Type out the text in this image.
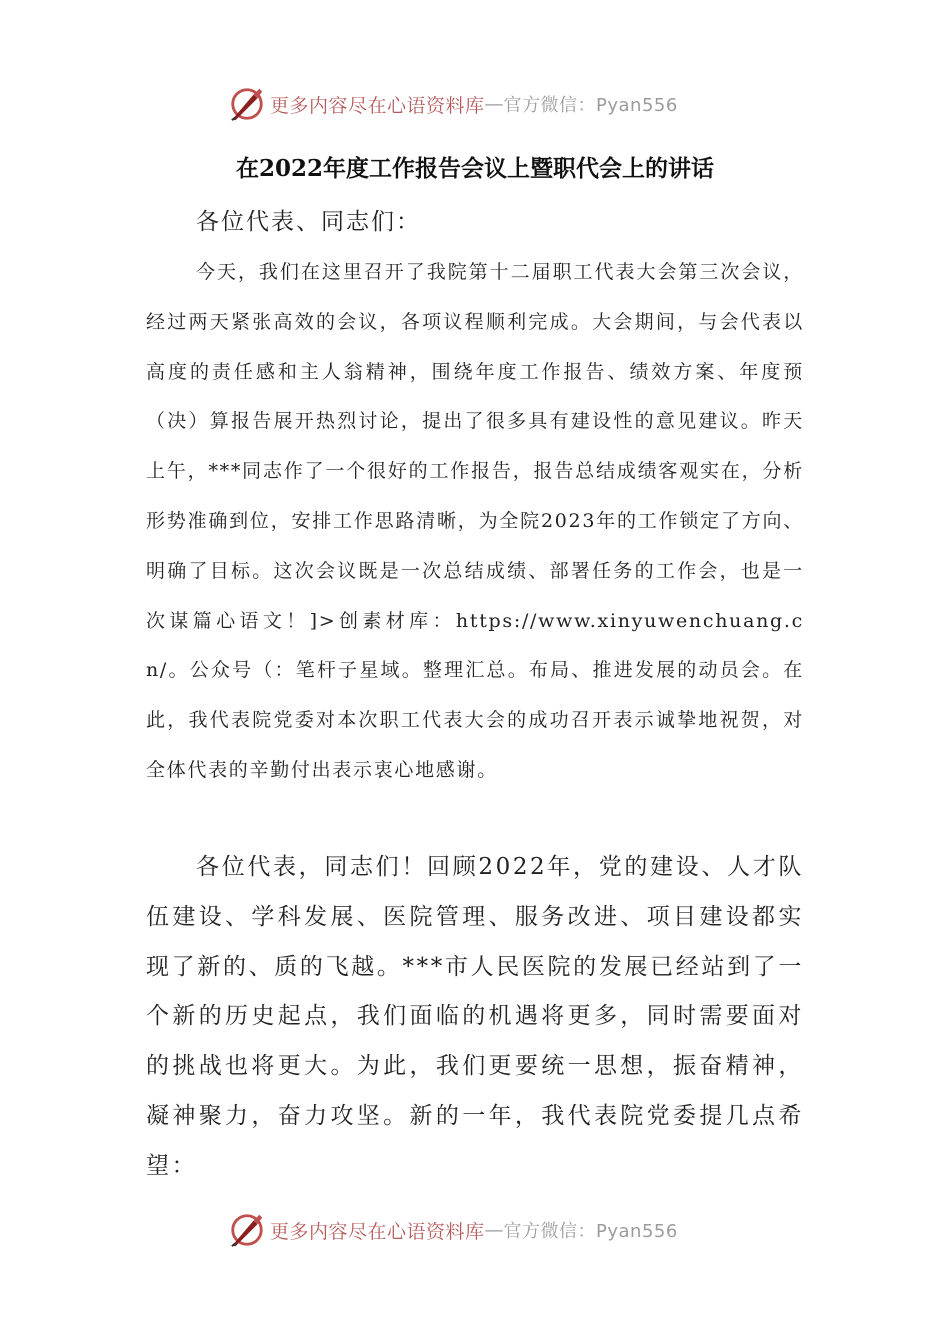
更多内容尽在心语资料库 — 官方微信：Pyan556
在2022年度工作报告会议上暨职代会上的讲话

各位代表、同志们：

今天，我们在这里召开了我院第十二届职工代表大会第三次会议，经过两天紧张高效的会议，各项议程顺利完成。大会期间，与会代表以高度的责任感和主人翁精神，围绕年度工作报告、绩效方案、年度预（决）算报告展开热烈讨论，提出了很多具有建设性的意见建议。昨天上午，***同志作了一个很好的工作报告，报告总结成绩客观实在，分析形势准确到位，安排工作思路清晰，为全院2023年的工作锁定了方向、明确了目标。这次会议既是一次总结成绩、部署任务的工作会，也是一次谋篇心语文！]>创素材库：https://www.xinyuwenchuang.cn/。公众号（：笔杆子星域。整理汇总。布局、推进发展的动员会。在此，我代表院党委对本次职工代表大会的成功召开表示诚挚地祝贺，对全体代表的辛勤付出表示衷心地感谢。

各位代表，同志们！回顾2022年，党的建设、人才队伍建设、学科发展、医院管理、服务改进、项目建设都实现了新的、质的飞越。***市人民医院的发展已经站到了一个新的历史起点，我们面临的机遇将更多，同时需要面对的挑战也将更大。为此，我们更要统一思想，振奋精神，凝神聚力，奋力攻坚。新的一年，我代表院党委提几点希望：

更多内容尽在心语资料库 — 官方微信：Pyan556
